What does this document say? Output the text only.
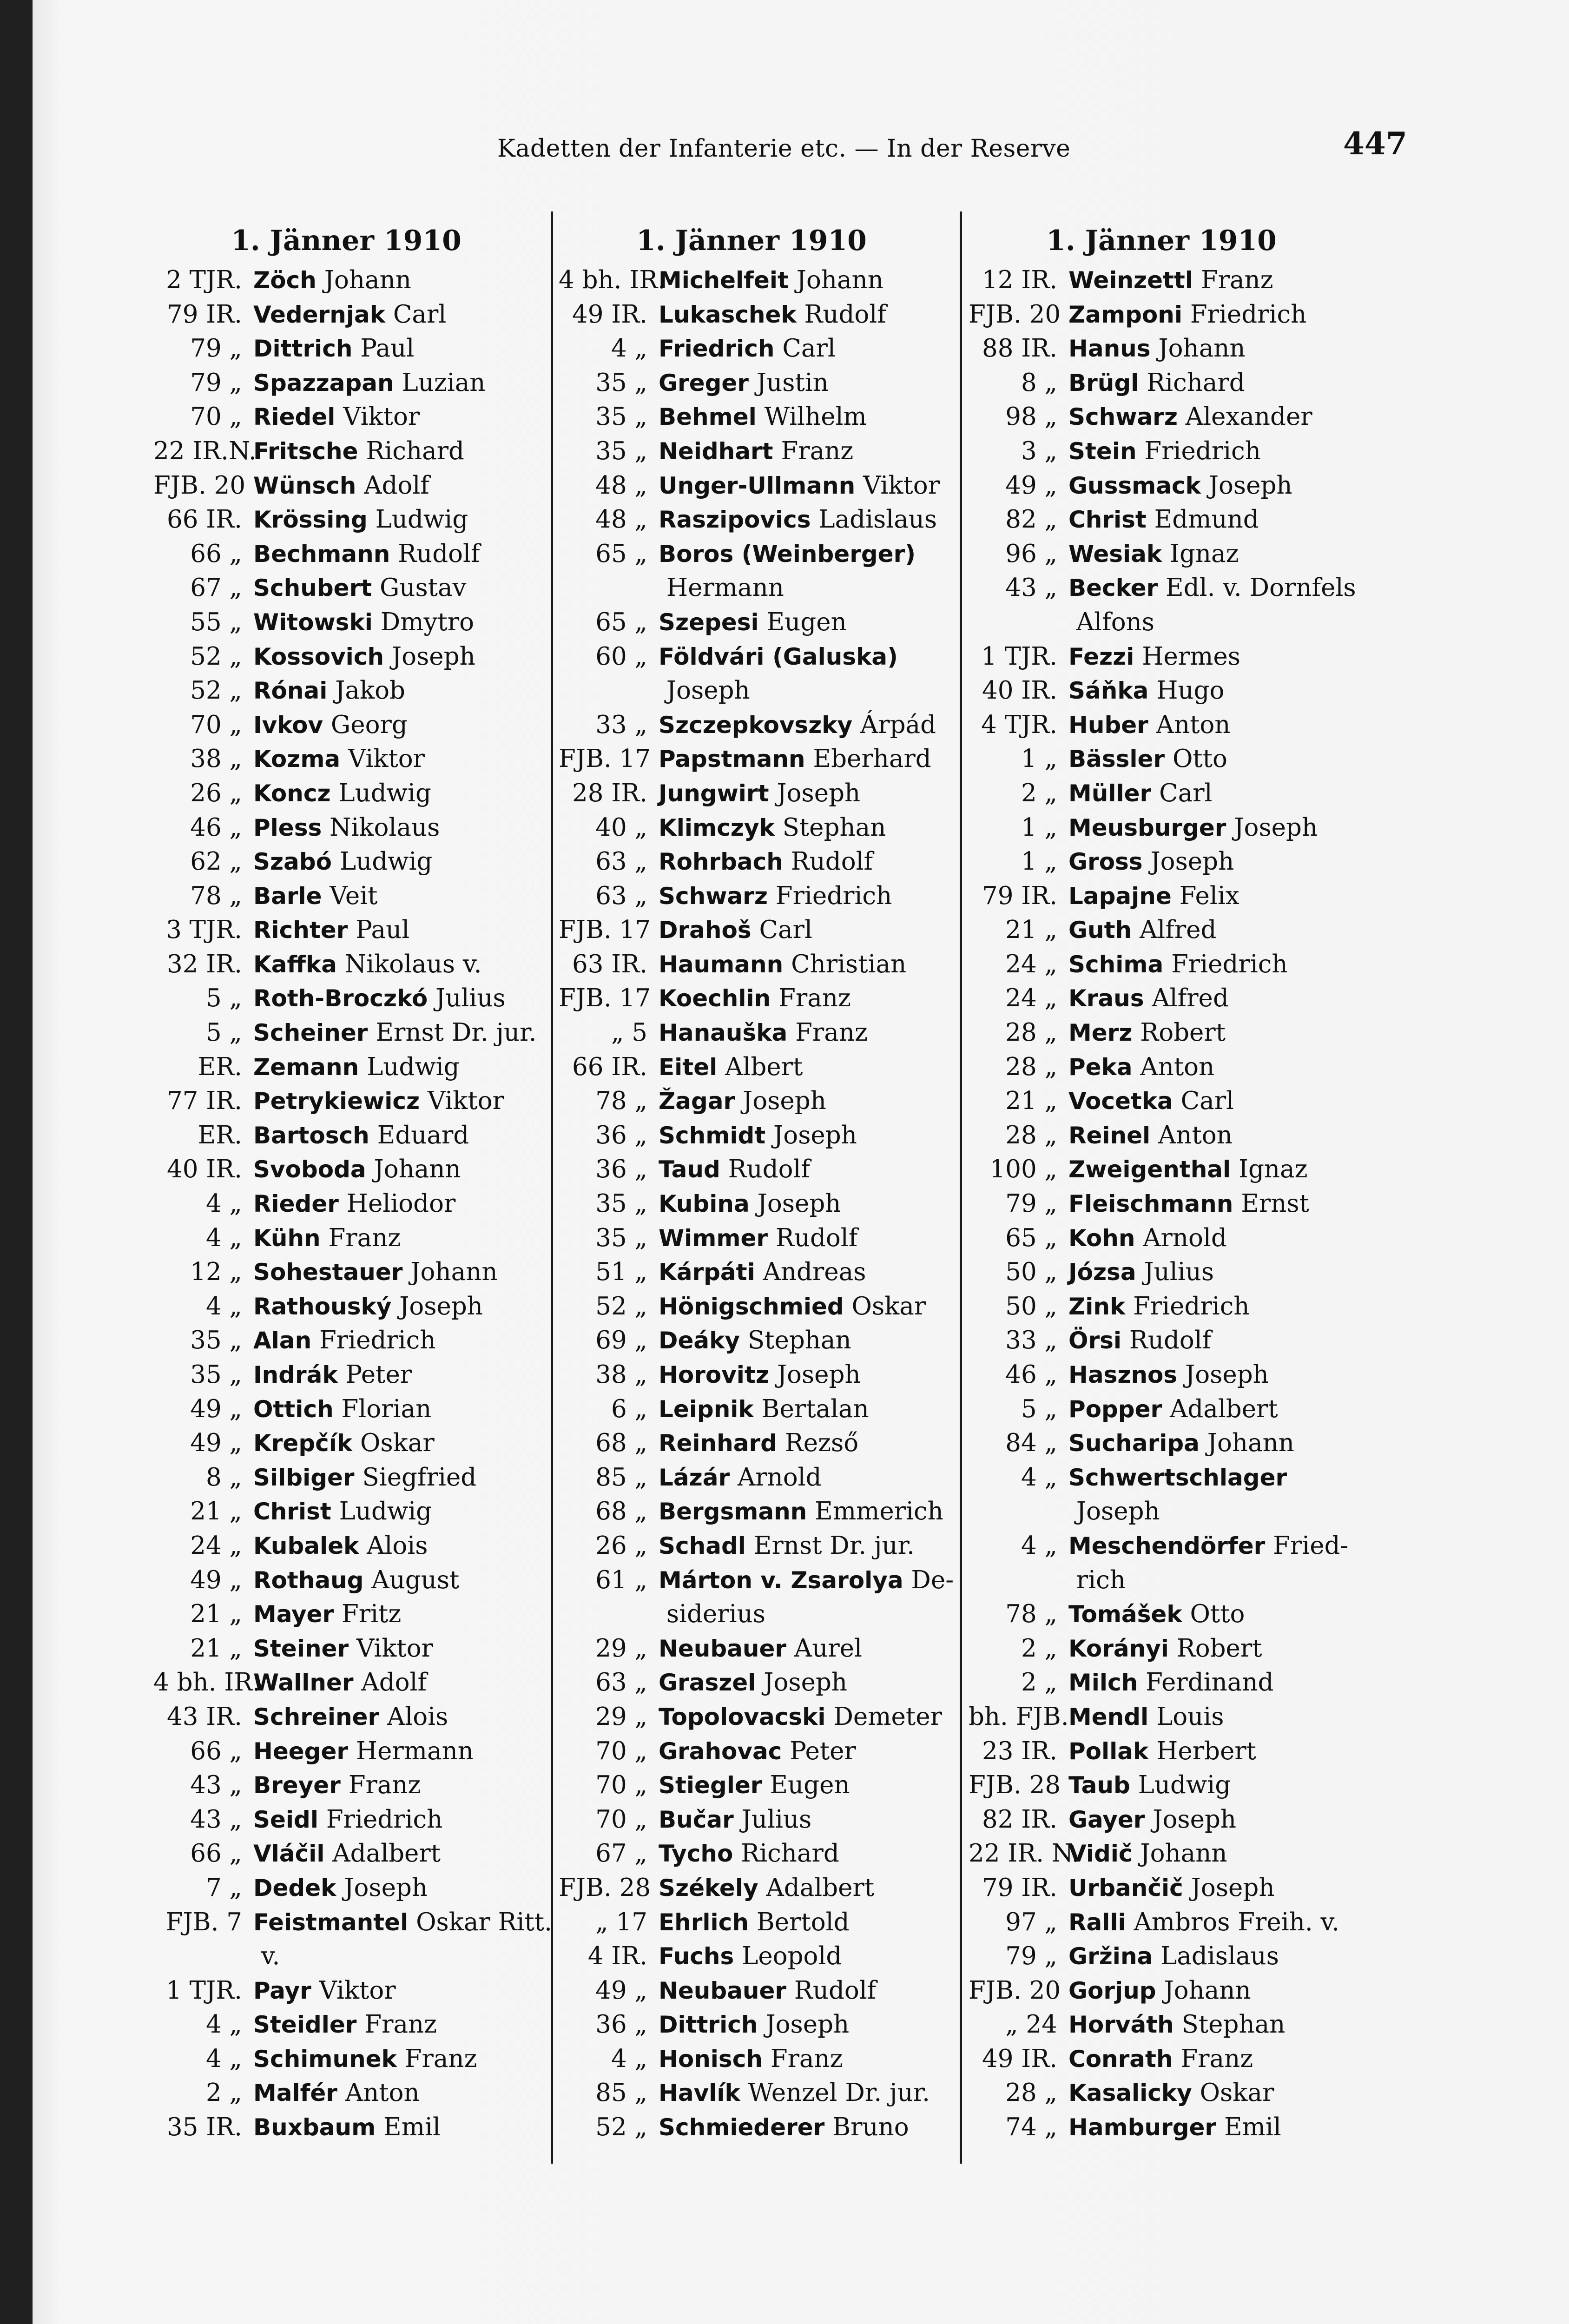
Kadetten der Infanterie etc. — In der Reserve	447
1. Jänner 1910
2 TJR. Zöch
Johann
79 IR. Vedernjak
Carl
79 „ Dittrich
Paul
79 „ Spazzapan
Luzian
70 „ Riedel
Viktor
22 IR.N.
Fritsche
Richard
FJB. 20 Wünsch
Adolf
66 IR. Krössing
Ludwig
66 „ Bechmann
Rudolf
67 „ Schubert
Gustav
55 „ Witowski
Dmytro
52 „ Kossovich
Joseph
52 „ Rónai
Jakob
70 „ Ivkov
Georg
38 „ Kozma
Viktor
26 „ Koncz
Ludwig
46 „ Pless
Nikolaus
62 „ Szabó
Ludwig
78 „ Barle
Veit
3 TJR. Richter
Paul
32 IR. Kaffka
Nikolaus v.
5 „ Roth-Broczkó
Julius
5 „ Scheiner
Ernst Dr. jur.
ER. Zemann
Ludwig
77 IR. Petrykiewicz
Viktor
ER. Bartosch
Eduard
40 IR. Svoboda
Johann
4 „ Rieder
Heliodor
4 „ Kühn
Franz
12 „ Sohestauer
Johann
4 „ Rathouský
Joseph
35 „ Alan
Friedrich
35 „ Indrák
Peter
49 „ Ottich
Florian
49 „ Krepčík
Oskar
8 „ Silbiger
Siegfried
21 „ Christ
Ludwig
24 „ Kubalek
Alois
49 „ Rothaug
August
21 „ Mayer
Fritz
21 „ Steiner
Viktor
4 bh. IR.
Wallner
Adolf
43 IR. Schreiner
Alois
66 „ Heeger
Hermann
43 „ Breyer
Franz
43 „ Seidl
Friedrich
66 „ Vláčil
Adalbert
7 „ Dedek
Joseph
FJB. 7 Feistmantel
Oskar Ritt.

v.
1 TJR. Payr
Viktor
4 „ Steidler
Franz
4 „ Schimunek
Franz
2 „ Malfér
Anton
35 IR. Buxbaum
Emil
1. Jänner 1910
4 bh. IR.
Michelfeit
Johann
49 IR. Lukaschek
Rudolf
4 „ Friedrich
Carl
35 „ Greger
Justin
35 „ Behmel
Wilhelm
35 „ Neidhart
Franz
48 „ Unger-Ullmann
Viktor
48 „ Raszipovics
Ladislaus
65 „ Boros (Weinberger)

Hermann
65 „ Szepesi
Eugen
60 „ Földvári (Galuska)

Joseph
33 „ Szczepkovszky
Árpád
FJB. 17 Papstmann
Eberhard
28 IR. Jungwirt
Joseph
40 „ Klimczyk
Stephan
63 „ Rohrbach
Rudolf
63 „ Schwarz
Friedrich
FJB. 17 Drahoš
Carl
63 IR. Haumann
Christian
FJB. 17 Koechlin
Franz
„ 5 Hanauška
Franz
66 IR. Eitel
Albert
78 „ Žagar
Joseph
36 „ Schmidt
Joseph
36 „ Taud
Rudolf
35 „ Kubina
Joseph
35 „ Wimmer
Rudolf
51 „ Kárpáti
Andreas
52 „ Hönigschmied
Oskar
69 „ Deáky
Stephan
38 „ Horovitz
Joseph
6 „ Leipnik
Bertalan
68 „ Reinhard
Rezső
85 „ Lázár
Arnold
68 „ Bergsmann
Emmerich
26 „ Schadl
Ernst Dr. jur.
61 „ Márton v. Zsarolya
De-

siderius
29 „ Neubauer
Aurel
63 „ Graszel
Joseph
29 „ Topolovacski
Demeter
70 „ Grahovac
Peter
70 „ Stiegler
Eugen
70 „ Bučar
Julius
67 „ Tycho
Richard
FJB. 28 Székely
Adalbert
„ 17 Ehrlich
Bertold
4 IR. Fuchs
Leopold
49 „ Neubauer
Rudolf
36 „ Dittrich
Joseph
4 „ Honisch
Franz
85 „ Havlík
Wenzel Dr. jur.
52 „ Schmiederer
Bruno
1. Jänner 1910
12 IR. Weinzettl
Franz
FJB. 20 Zamponi
Friedrich
88 IR. Hanus
Johann
8 „ Brügl
Richard
98 „ Schwarz
Alexander
3 „ Stein
Friedrich
49 „ Gussmack
Joseph
82 „ Christ
Edmund
96 „ Wesiak
Ignaz
43 „ Becker
Edl. v. Dornfels

Alfons
1 TJR. Fezzi
Hermes
40 IR. Sáňka
Hugo
4 TJR. Huber
Anton
1 „ Bässler
Otto
2 „ Müller
Carl
1 „ Meusburger
Joseph
1 „ Gross
Joseph
79 IR. Lapajne
Felix
21 „ Guth
Alfred
24 „ Schima
Friedrich
24 „ Kraus
Alfred
28 „ Merz
Robert
28 „ Peka
Anton
21 „ Vocetka
Carl
28 „ Reinel
Anton
100 „ Zweigenthal
Ignaz
79 „ Fleischmann
Ernst
65 „ Kohn
Arnold
50 „ Józsa
Julius
50 „ Zink
Friedrich
33 „ Örsi
Rudolf
46 „ Hasznos
Joseph
5 „ Popper
Adalbert
84 „ Sucharipa
Johann
4 „ Schwertschlager

Joseph
4 „ Meschendörfer
Fried-

rich
78 „ Tomášek
Otto
2 „ Korányi
Robert
2 „ Milch
Ferdinand
bh. FJB. Mendl
Louis
23 IR. Pollak
Herbert
FJB. 28 Taub
Ludwig
82 IR. Gayer
Joseph
22 IR. N.
Vidič
Johann
79 IR. Urbančič
Joseph
97 „ Ralli
Ambros Freih. v.
79 „ Gržina
Ladislaus
FJB. 20 Gorjup
Johann
„ 24 Horváth
Stephan
49 IR. Conrath
Franz
28 „ Kasalicky
Oskar
74 „ Hamburger
Emil
